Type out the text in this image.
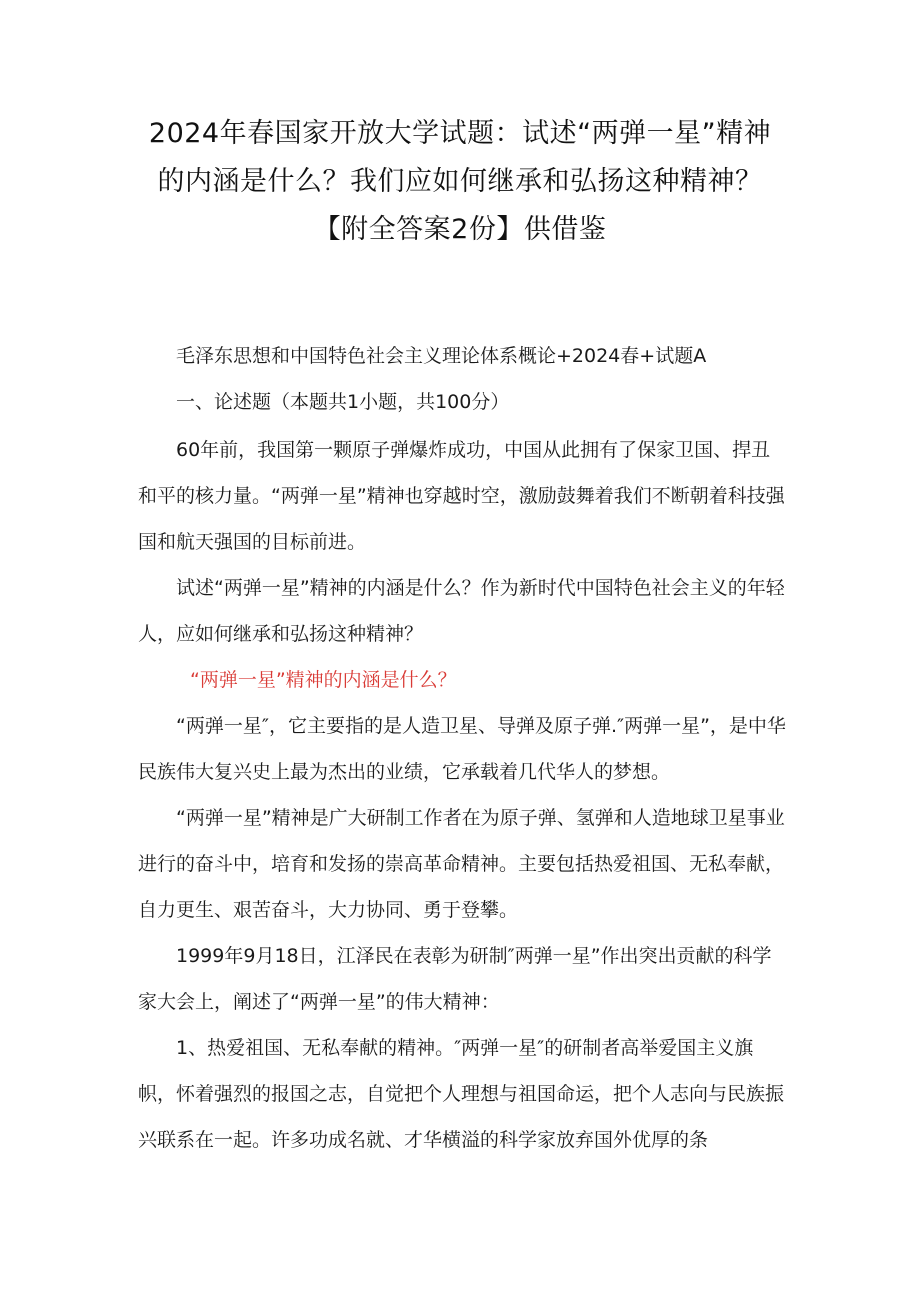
2024年春国家开放大学试题：试述“两弹一星”精神
的内涵是什么？我们应如何继承和弘扬这种精神？
【附全答案2份】供借鉴

毛泽东思想和中国特色社会主义理论体系概论+2024春+试题A

一、论述题（本题共1小题，共100分）

60年前，我国第一颗原子弹爆炸成功，中国从此拥有了保家卫国、捍丑和平的核力量。“两弹一星”精神也穿越时空，激励鼓舞着我们不断朝着科技强国和航天强国的目标前进。

试述“两弹一星”精神的内涵是什么？作为新时代中国特色社会主义的年轻人，应如何继承和弘扬这种精神？

“两弹一星”精神的内涵是什么？

“两弹一星″，它主要指的是人造卫星、导弹及原子弹.″两弹一星”，是中华民族伟大复兴史上最为杰出的业绩，它承载着几代华人的梦想。

“两弹一星”精神是广大研制工作者在为原子弹、氢弹和人造地球卫星事业进行的奋斗中，培育和发扬的崇高革命精神。主要包括热爱祖国、无私奉献，自力更生、艰苦奋斗，大力协同、勇于登攀。

1999年9月18日，江泽民在表彰为研制″两弹一星”作出突出贡献的科学家大会上，阐述了“两弹一星”的伟大精神：

1、热爱祖国、无私奉献的精神。″两弹一星″的研制者高举爱国主义旗帜，怀着强烈的报国之志，自觉把个人理想与祖国命运，把个人志向与民族振兴联系在一起。许多功成名就、才华横溢的科学家放弃国外优厚的条
